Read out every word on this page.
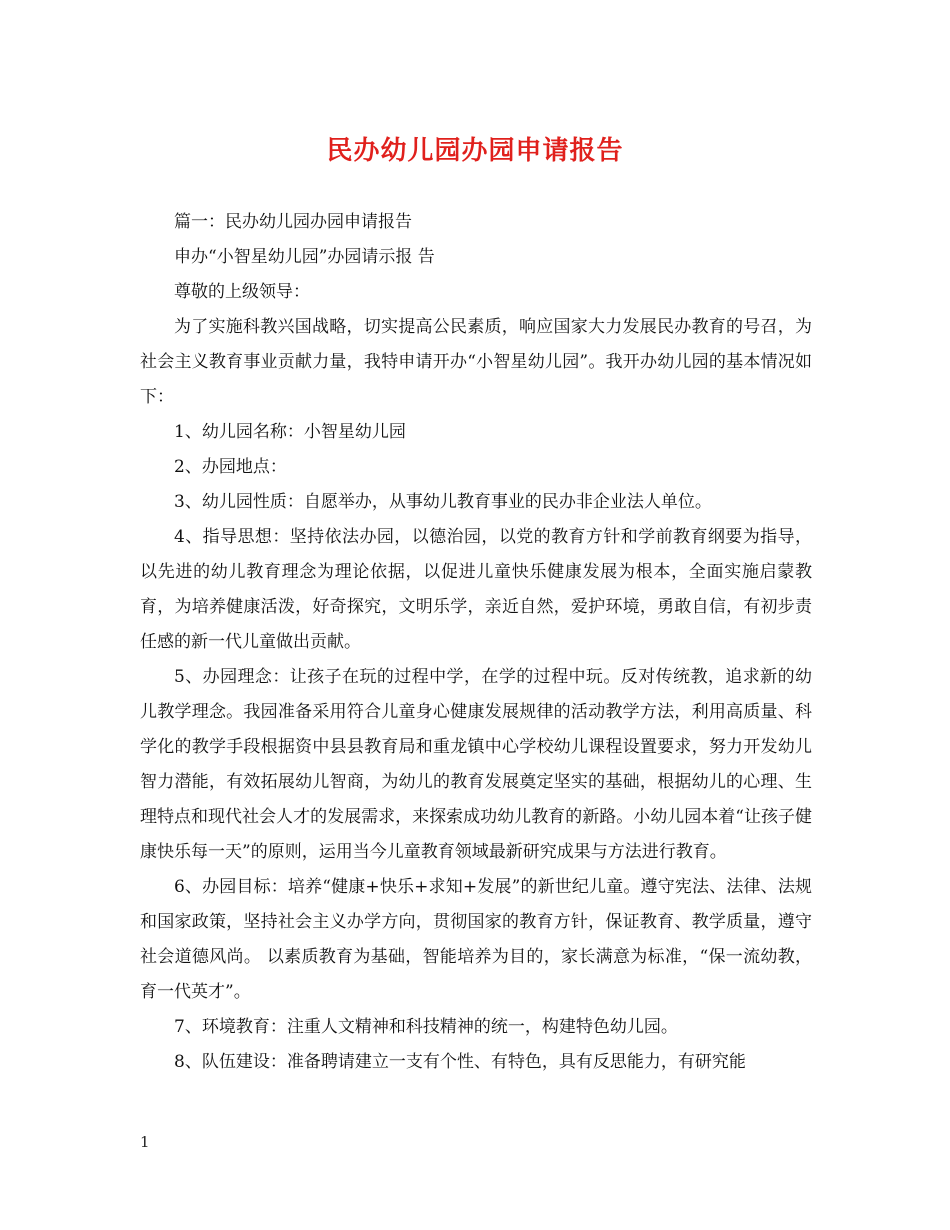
民办幼儿园办园申请报告

篇一：民办幼儿园办园申请报告

申办“小智星幼儿园”办园请示报 告

尊敬的上级领导：

为了实施科教兴国战略，切实提高公民素质，响应国家大力发展民办教育的号召，为社会主义教育事业贡献力量，我特申请开办“小智星幼儿园”。我开办幼儿园的基本情况如下：

1、幼儿园名称：小智星幼儿园

2、办园地点：

3、幼儿园性质：自愿举办，从事幼儿教育事业的民办非企业法人单位。

4、指导思想：坚持依法办园，以德治园，以党的教育方针和学前教育纲要为指导，以先进的幼儿教育理念为理论依据，以促进儿童快乐健康发展为根本，全面实施启蒙教育，为培养健康活泼，好奇探究，文明乐学，亲近自然，爱护环境，勇敢自信，有初步责任感的新一代儿童做出贡献。

5、办园理念：让孩子在玩的过程中学，在学的过程中玩。反对传统教，追求新的幼儿教学理念。我园准备采用符合儿童身心健康发展规律的活动教学方法，利用高质量、科学化的教学手段根据资中县县教育局和重龙镇中心学校幼儿课程设置要求，努力开发幼儿智力潜能，有效拓展幼儿智商，为幼儿的教育发展奠定坚实的基础，根据幼儿的心理、生理特点和现代社会人才的发展需求，来探索成功幼儿教育的新路。小幼儿园本着“让孩子健康快乐每一天”的原则，运用当今儿童教育领域最新研究成果与方法进行教育。

6、办园目标：培养“健康+快乐+求知+发展”的新世纪儿童。遵守宪法、法律、法规和国家政策，坚持社会主义办学方向，贯彻国家的教育方针，保证教育、教学质量，遵守社会道德风尚。 以素质教育为基础，智能培养为目的，家长满意为标准，“保一流幼教，育一代英才”。

7、环境教育：注重人文精神和科技精神的统一，构建特色幼儿园。

8、队伍建设：准备聘请建立一支有个性、有特色，具有反思能力，有研究能

1
